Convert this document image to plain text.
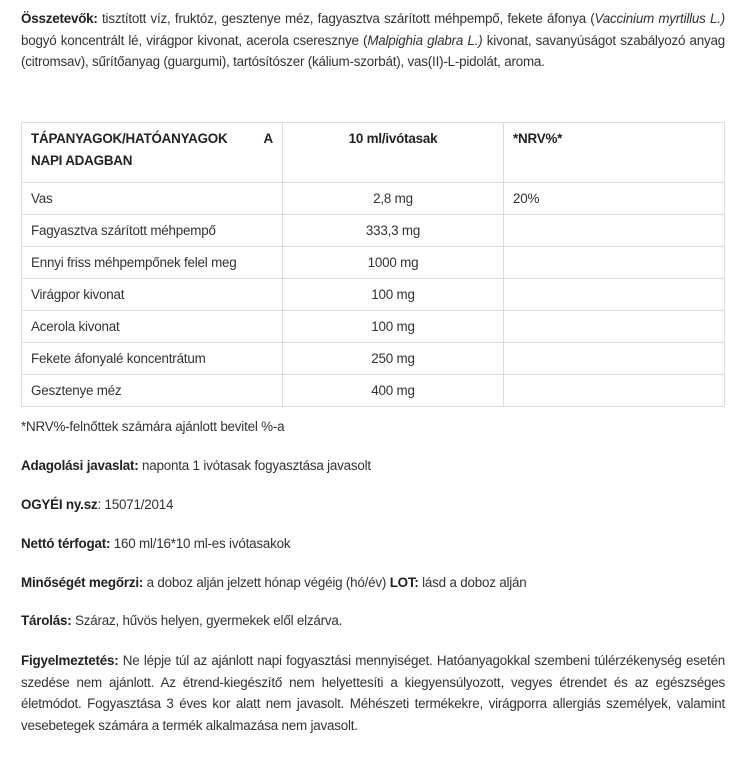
Összetevők: tisztított víz, fruktóz, gesztenye méz, fagyasztva szárított méhpempő, fekete áfonya (Vaccinium myrtillus L.) bogyó koncentrált lé, virágpor kivonat, acerola cseresznye (Malpighia glabra L.) kivonat, savanyúságot szabályozó anyag (citromsav), sűrítőanyag (guargumi), tartósítószer (kálium-szorbát), vas(II)-L-pidolát, aroma.

TÁPANYAGOK/HATÓANYAGOK A NAPI ADAGBAN	10 ml/ivótasak	*NRV%*
Vas	2,8 mg	20%
Fagyasztva szárított méhpempő	333,3 mg	
Ennyi friss méhpempőnek felel meg	1000 mg	
Virágpor kivonat	100 mg	
Acerola kivonat	100 mg	
Fekete áfonyalé koncentrátum	250 mg	
Gesztenye méz	400 mg	

*NRV%-felnőttek számára ajánlott bevitel %-a

Adagolási javaslat: naponta 1 ivótasak fogyasztása javasolt

OGYÉI ny.sz: 15071/2014

Nettó térfogat: 160 ml/16*10 ml-es ivótasakok

Minőségét megőrzi: a doboz alján jelzett hónap végéig (hó/év) LOT: lásd a doboz alján

Tárolás: Száraz, hűvös helyen, gyermekek elől elzárva.

Figyelmeztetés: Ne lépje túl az ajánlott napi fogyasztási mennyiséget. Hatóanyagokkal szembeni túlérzékenység esetén szedése nem ajánlott. Az étrend-kiegészítő nem helyettesíti a kiegyensúlyozott, vegyes étrendet és az egészséges életmódot. Fogyasztása 3 éves kor alatt nem javasolt. Méhészeti termékekre, virágporra allergiás személyek, valamint vesebetegek számára a termék alkalmazása nem javasolt.
